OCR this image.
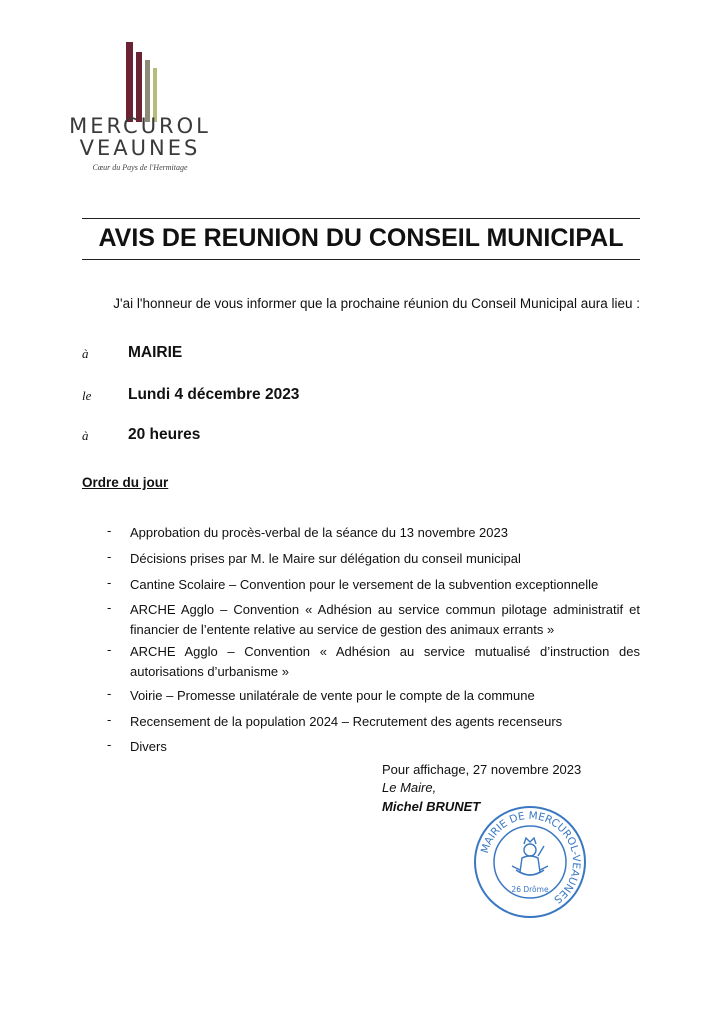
MERCUROL
VEAUNES
Cœur du Pays de l'Hermitage
AVIS DE REUNION DU CONSEIL MUNICIPAL
J'ai l'honneur de vous informer que la prochaine réunion du Conseil Municipal aura lieu :
à	MAIRIE
le Lundi 4 décembre 2023
à	20 heures
Ordre du jour
- Approbation du procès-verbal de la séance du 13 novembre 2023
- Décisions prises par M. le Maire sur délégation du conseil municipal
- Cantine Scolaire – Convention pour le versement de la subvention exceptionnelle
- ARCHE Agglo – Convention « Adhésion au service commun pilotage administratif et financier de l’entente relative au service de gestion des animaux errants »
- ARCHE Agglo – Convention « Adhésion au service mutualisé d’instruction des autorisations d’urbanisme »
- Voirie – Promesse unilatérale de vente pour le compte de la commune
- Recensement de la population 2024 – Recrutement des agents recenseurs
- Divers
Pour affichage, 27 novembre 2023
Le Maire,
Michel BRUNET
MAIRIE DE MERCUROL-VEAUNES
26 Drôme
